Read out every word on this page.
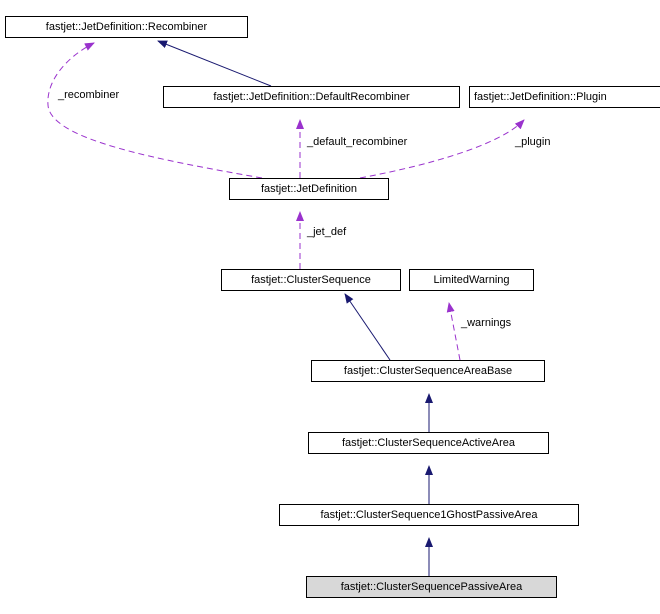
fastjet::JetDefinition::Recombiner
fastjet::JetDefinition::DefaultRecombiner	fastjet::JetDefinition::Plugin
fastjet::JetDefinition
fastjet::ClusterSequence	LimitedWarning
fastjet::ClusterSequenceAreaBase
fastjet::ClusterSequenceActiveArea
fastjet::ClusterSequence1GhostPassiveArea
fastjet::ClusterSequencePassiveArea
_recombiner
_default_recombiner	_plugin
_jet_def
_warnings
